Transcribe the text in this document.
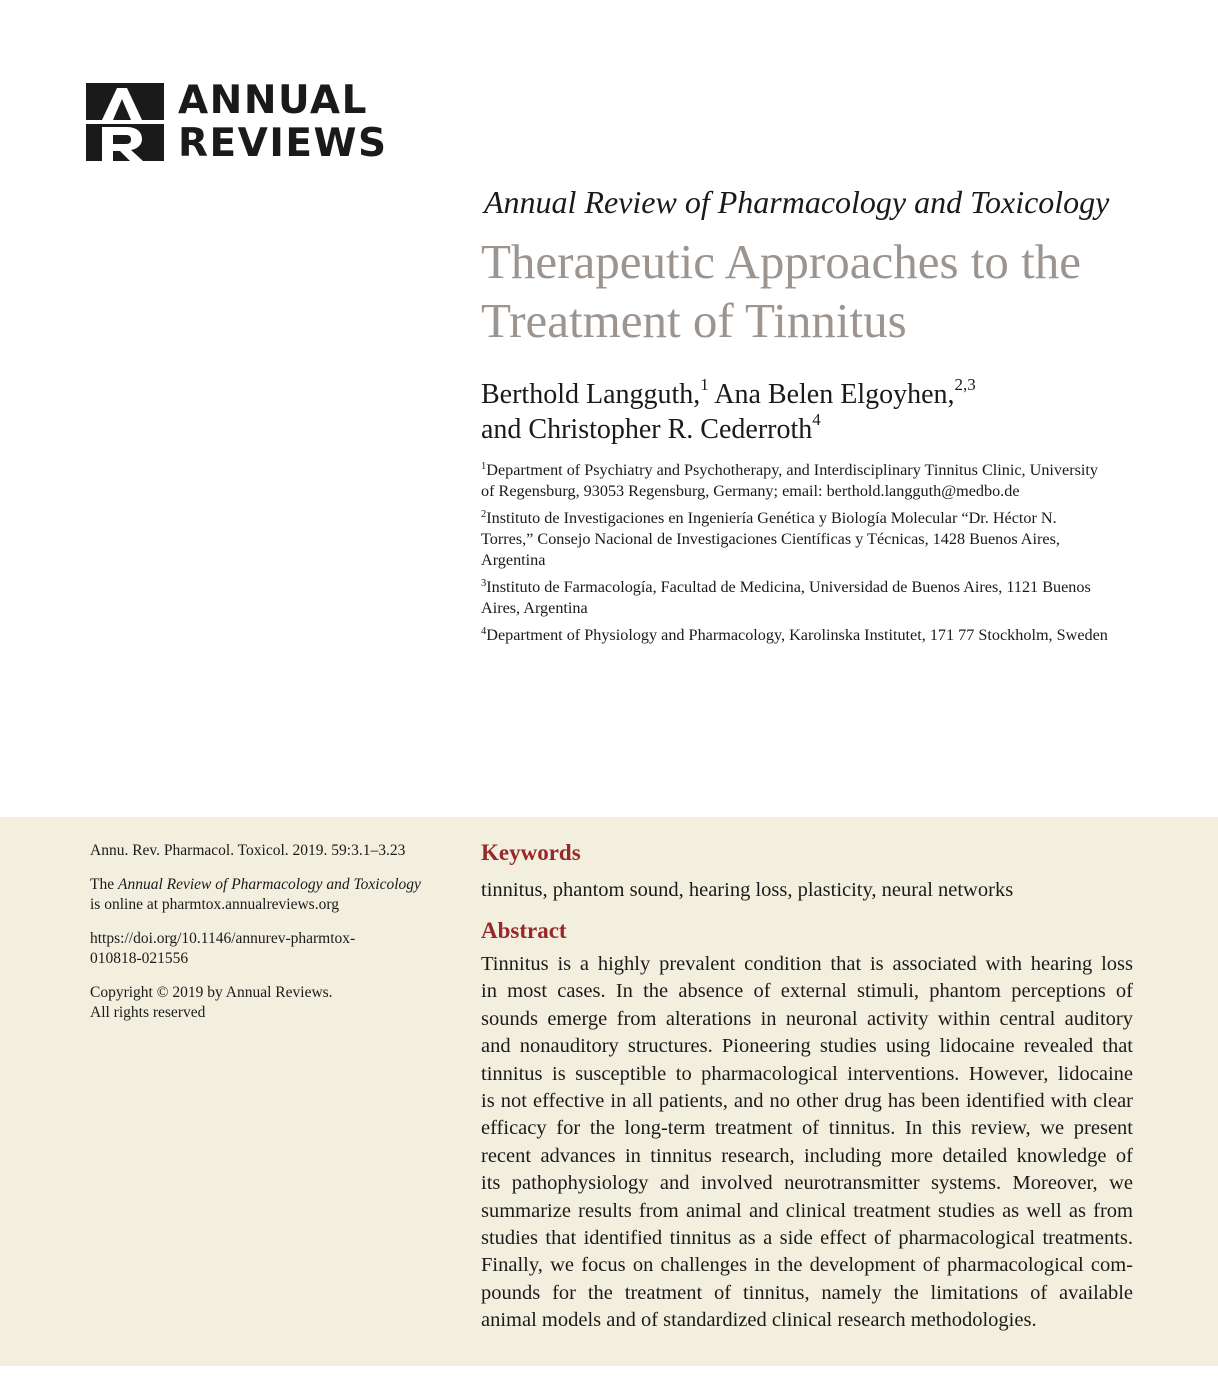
ANNUAL
REVIEWS
Annual Review of Pharmacology and Toxicology
Therapeutic Approaches to the
Treatment of Tinnitus
Berthold Langguth,$^1$ Ana Belen Elgoyhen,$^{2,3}$
and Christopher R. Cederroth$^4$
$^1$Department of Psychiatry and Psychotherapy, and Interdisciplinary Tinnitus Clinic, University
of Regensburg, 93053 Regensburg, Germany; email: berthold.langguth@medbo.de
$^2$Instituto de Investigaciones en Ingeniería Genética y Biología Molecular “Dr. Héctor N.
Torres,” Consejo Nacional de Investigaciones Científicas y Técnicas, 1428 Buenos Aires,
Argentina
$^3$Instituto de Farmacología, Facultad de Medicina, Universidad de Buenos Aires, 1121 Buenos
Aires, Argentina
$^4$Department of Physiology and Pharmacology, Karolinska Institutet, 171 77 Stockholm, Sweden

Annu. Rev. Pharmacol. Toxicol. 2019. 59:3.1–3.23

The Annual Review of Pharmacology and Toxicology
is online at pharmtox.annualreviews.org

https://doi.org/10.1146/annurev-pharmtox-
010818-021556

Copyright © 2019 by Annual Reviews.
All rights reserved

Keywords
tinnitus, phantom sound, hearing loss, plasticity, neural networks
Abstract
Tinnitus is a highly prevalent condition that is associated with hearing loss
in most cases. In the absence of external stimuli, phantom perceptions of
sounds emerge from alterations in neuronal activity within central auditory
and nonauditory structures. Pioneering studies using lidocaine revealed that
tinnitus is susceptible to pharmacological interventions. However, lidocaine
is not effective in all patients, and no other drug has been identified with clear
efficacy for the long-term treatment of tinnitus. In this review, we present
recent advances in tinnitus research, including more detailed knowledge of
its pathophysiology and involved neurotransmitter systems. Moreover, we
summarize results from animal and clinical treatment studies as well as from
studies that identified tinnitus as a side effect of pharmacological treatments.
Finally, we focus on challenges in the development of pharmacological com-
pounds for the treatment of tinnitus, namely the limitations of available
animal models and of standardized clinical research methodologies.
